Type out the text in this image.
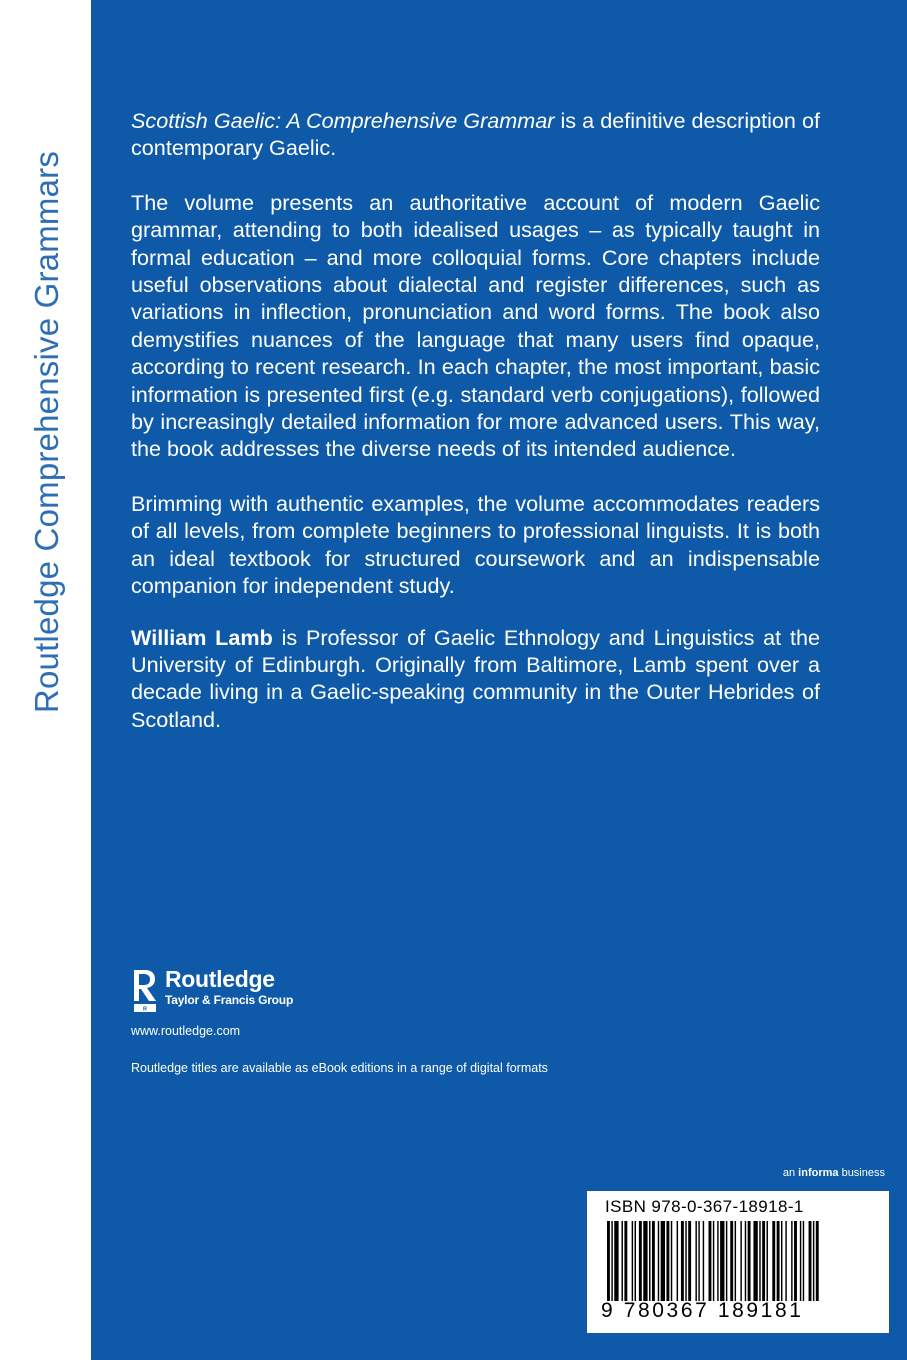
Routledge Comprehensive Grammars

Scottish Gaelic: A Comprehensive Grammar is a definitive description of contemporary Gaelic.

The volume presents an authoritative account of modern Gaelic grammar, attending to both idealised usages – as typically taught in formal education – and more colloquial forms. Core chapters include useful observations about dialectal and register differences, such as variations in inflection, pronunciation and word forms. The book also demystifies nuances of the language that many users find opaque, according to recent research. In each chapter, the most important, basic information is presented first (e.g. standard verb conjugations), followed by increasingly detailed information for more advanced users. This way, the book addresses the diverse needs of its intended audience.

Brimming with authentic examples, the volume accommodates readers of all levels, from complete beginners to professional linguists. It is both an ideal textbook for structured coursework and an indispensable companion for independent study.

William Lamb is Professor of Gaelic Ethnology and Linguistics at the University of Edinburgh. Originally from Baltimore, Lamb spent over a decade living in a Gaelic-speaking community in the Outer Hebrides of Scotland.

R
Routledge
Taylor & Francis Group
www.routledge.com
Routledge titles are available as eBook editions in a range of digital formats
an informa business
ISBN 978-0-367-18918-1
9 780367 189181
